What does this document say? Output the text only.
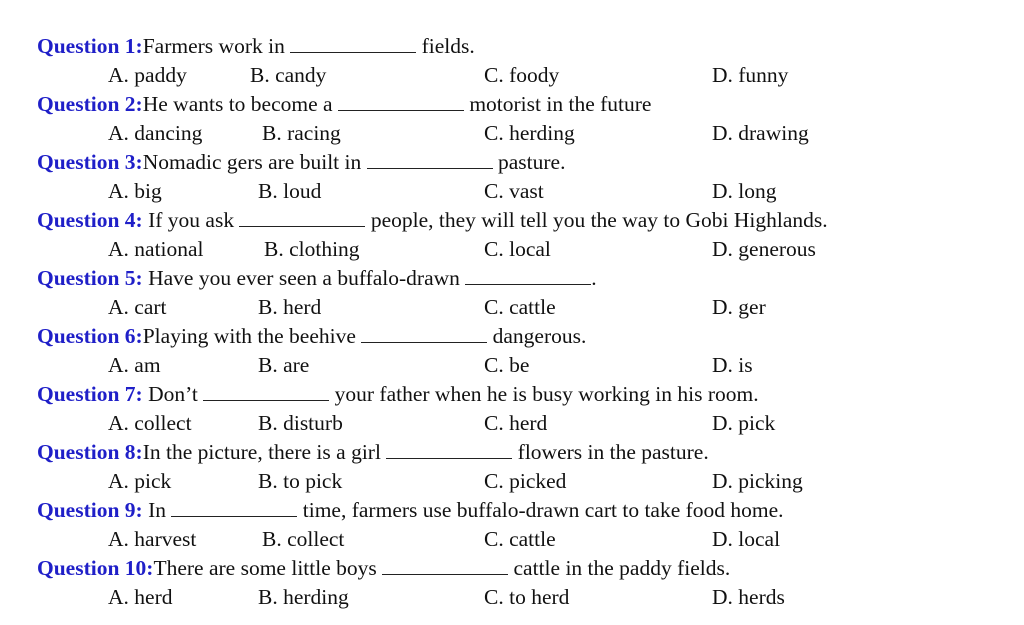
Question 1:Farmers work in	fields.
A. paddy	B. candy	C. foody	D. funny
Question 2:He wants to become a	motorist in the future
A. dancing	B. racing	C. herding	D. drawing
Question 3:Nomadic gers are built in	pasture.
A. big	B. loud	C. vast	D. long
Question 4: If you ask	people, they will tell you the way to Gobi Highlands.
A. national	B. clothing	C. local	D. generous
Question 5: Have you ever seen a buffalo-drawn	.
A. cart	B. herd	C. cattle	D. ger
Question 6:Playing with the beehive	dangerous.
A. am	B. are	C. be	D. is
Question 7: Don’t	your father when he is busy working in his room.
A. collect	B. disturb	C. herd	D. pick
Question 8:In the picture, there is a girl	flowers in the pasture.
A. pick	B. to pick	C. picked	D. picking
Question 9: In	time, farmers use buffalo-drawn cart to take food home.
A. harvest	B. collect	C. cattle	D. local
Question 10:There are some little boys	cattle in the paddy fields.
A. herd	B. herding	C. to herd	D. herds
